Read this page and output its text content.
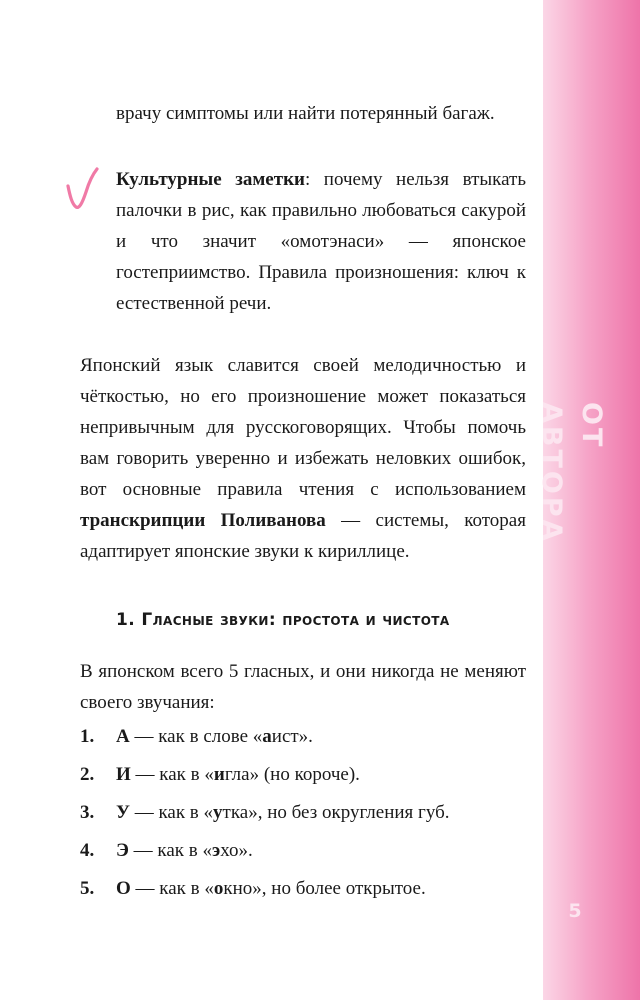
врачу симптомы или найти потерянный багаж.

Культурные заметки: почему нельзя втыкать палочки в рис, как правильно любоваться сакурой и что значит «омотэнаси» — японское гостеприимство. Правила произношения: ключ к естественной речи.

Японский язык славится своей мелодичностью и чёткостью, но его произношение может показаться непривычным для русскоговорящих. Чтобы помочь вам говорить уверенно и избежать неловких ошибок, вот основные правила чтения с использованием транскрипции Поливанова — системы, которая адаптирует японские звуки к кириллице.

1. Гласные звуки: простота и чистота

В японском всего 5 гласных, и они никогда не меняют своего звучания:

1.	А — как в слове «аист».
2.	И — как в «игла» (но короче).
3.	У — как в «утка», но без округления губ.
4.	Э — как в «эхо».
5.	О — как в «окно», но более открытое.
ОТ АВТОРА
5
